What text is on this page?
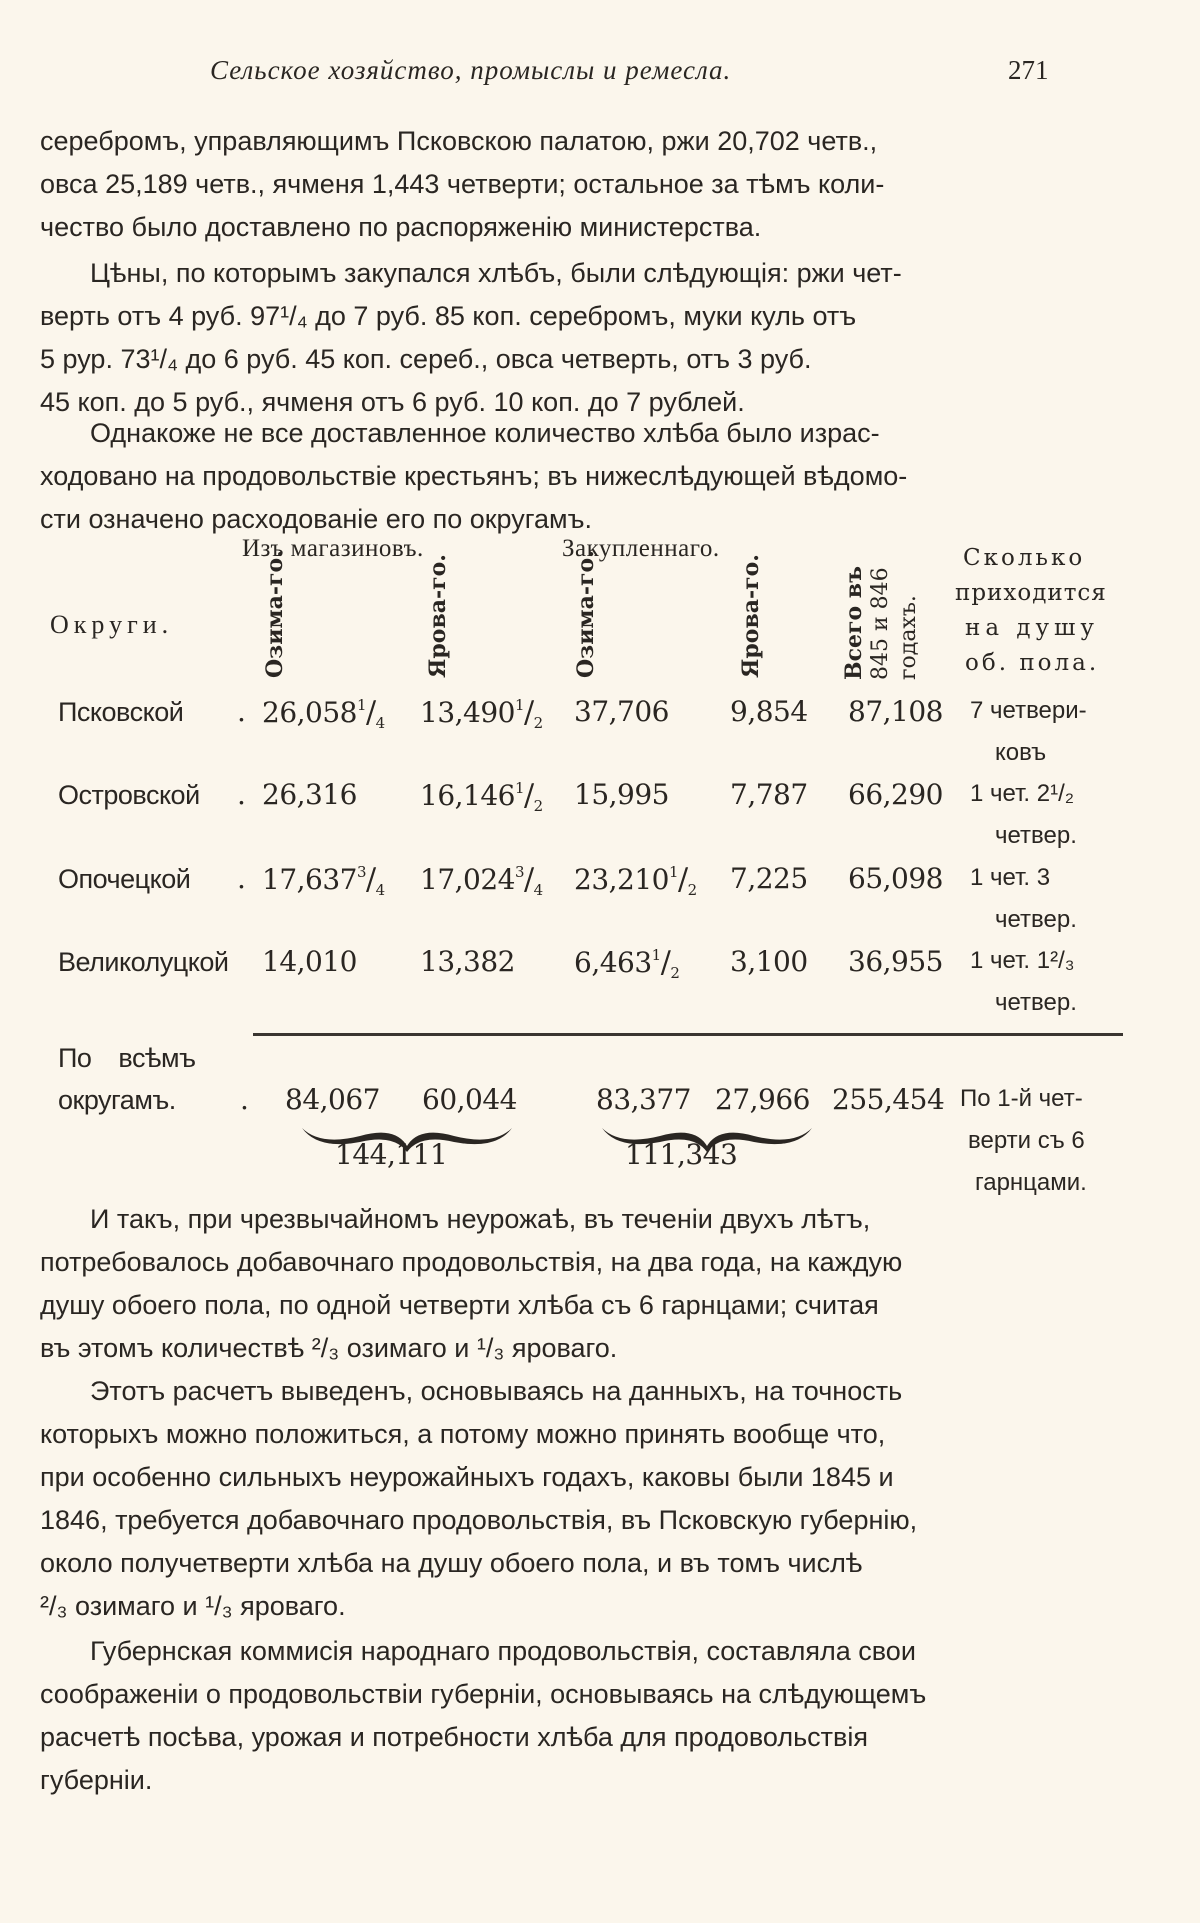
Сельское хозяйство, промыслы и ремесла.	271
серебромъ, управляющимъ Псковскою палатою, ржи 20,702 четв.,
овса 25,189 четв., ячменя 1,443 четверти; остальное за тѣмъ коли-
чество было доставлено по распоряженію министерства.
Цѣны, по которымъ закупался хлѣбъ, были слѣдующія: ржи чет-
верть отъ 4 руб. 97¹/₄ до 7 руб. 85 коп. серебромъ, муки куль отъ
5 рур. 73¹/₄ до 6 руб. 45 коп. сереб., овса четверть, отъ 3 руб.
45 коп. до 5 руб., ячменя отъ 6 руб. 10 коп. до 7 рублей.
Однакоже не все доставленное количество хлѣба было израс-
ходовано на продовольствіе крестьянъ; въ нижеслѣдующей вѣдомо-
сти означено расходованіе его по округамъ.
Изъ магазиновъ.	Закупленнаго.
Округи.	Озима-го.	Ярова-го.	Озима-го.	Ярова-го.	Всего въ 845 и 846 годахъ.
Сколько
приходится
на душу
об. пола.
Псковской . $26,058^1/_4$ $13,490^1/_2$ 37,706 9,854 87,108 7 четвери-
ковъ
Островской . 26,316 $16,146^1/_2$ 15,995 7,787 66,290 1 чет. 2¹/₂
четвер.
Опочецкой . $17,637^3/_4$ $17,024^3/_4$ $23,210^1/_2$ 7,225 65,098 1 чет. 3
четвер.
Великолуцкой 14,010 13,382 $6,463^1/_2$ 3,100 36,955 1 чет. 1²/₃
четвер.
По всѣмъ
округамъ. . 84,067 60,044	83,377 27,966 255,454
144,111	111,343
По 1-й чет-
верти съ 6
гарнцами.
И такъ, при чрезвычайномъ неурожаѣ, въ теченіи двухъ лѣтъ,
потребовалось добавочнаго продовольствія, на два года, на каждую
душу обоего пола, по одной четверти хлѣба съ 6 гарнцами; считая
въ этомъ количествѣ ²/₃ озимаго и ¹/₃ яроваго.
Этотъ расчетъ выведенъ, основываясь на данныхъ, на точность
которыхъ можно положиться, а потому можно принять вообще что,
при особенно сильныхъ неурожайныхъ годахъ, каковы были 1845 и
1846, требуется добавочнаго продовольствія, въ Псковскую губернію,
около получетверти хлѣба на душу обоего пола, и въ томъ числѣ
²/₃ озимаго и ¹/₃ яроваго.
Губернская коммисія народнаго продовольствія, составляла свои
соображеніи о продовольствіи губерніи, основываясь на слѣдующемъ
расчетѣ посѣва, урожая и потребности хлѣба для продовольствія
губерніи.
